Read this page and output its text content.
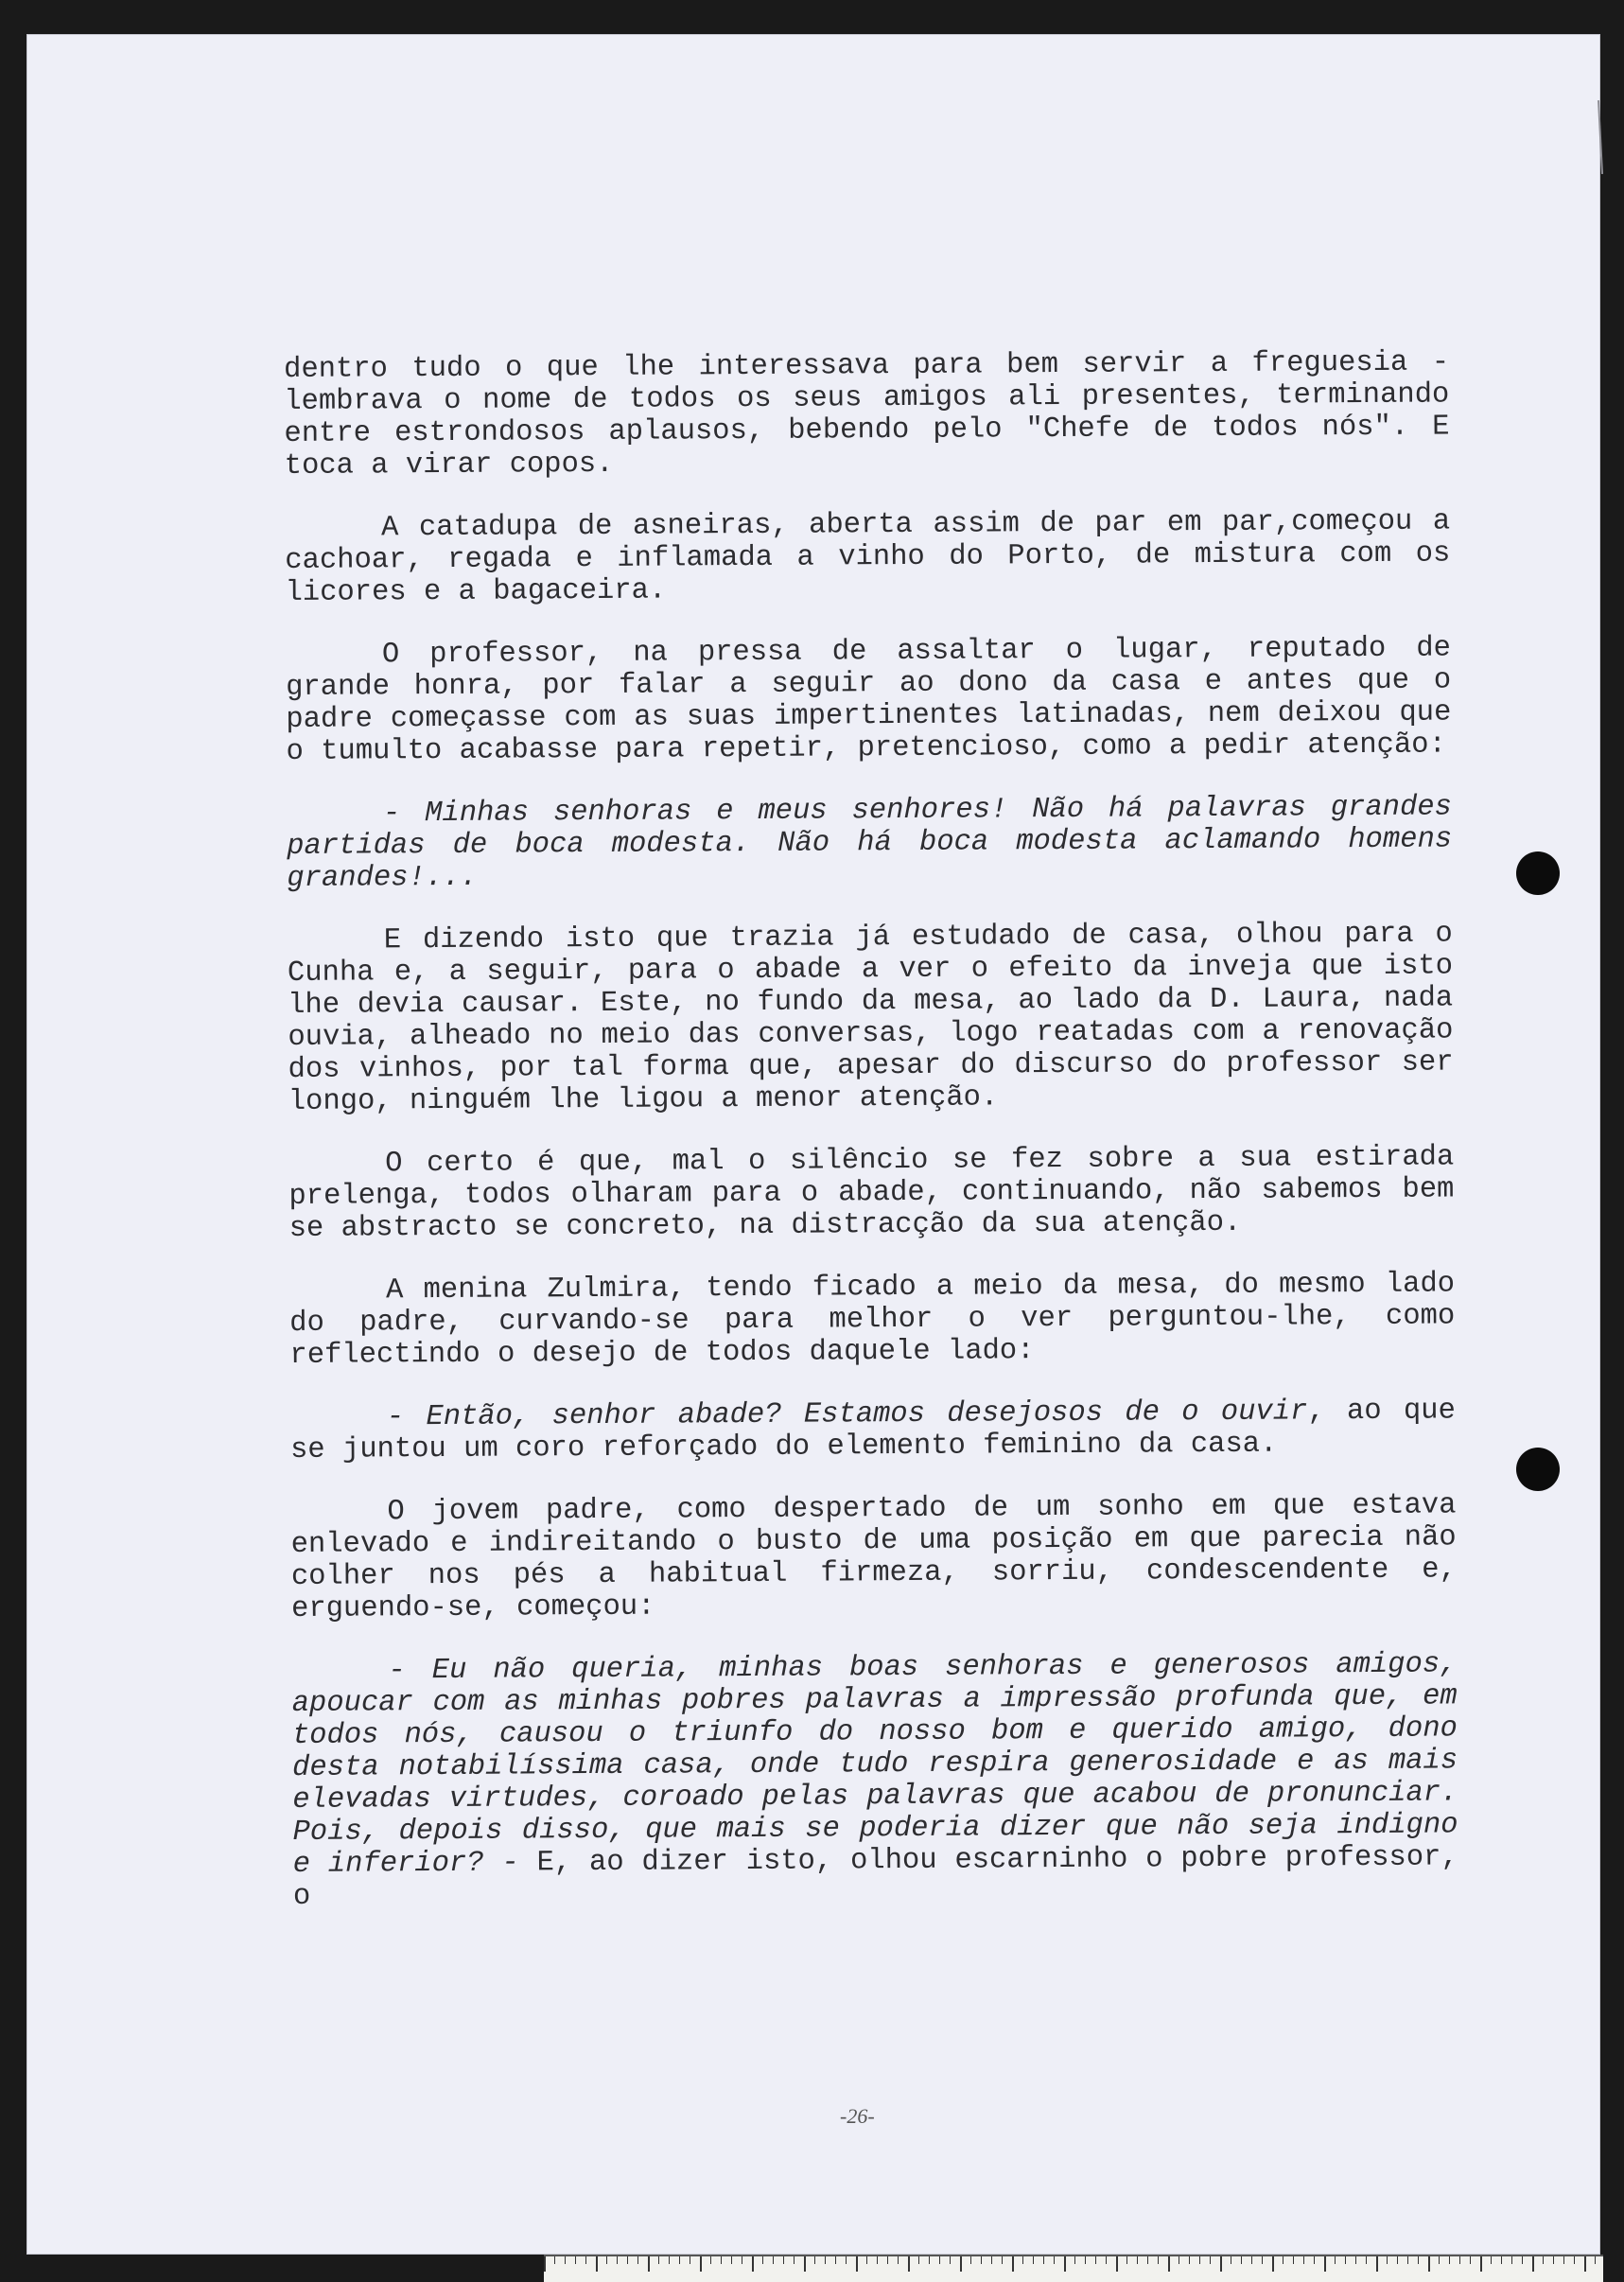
dentro tudo o que lhe interessava para bem servir a freguesia - lembrava o nome de todos os seus amigos ali presentes, terminando entre estrondosos aplausos, bebendo pelo "Chefe de todos nós". E toca a virar copos.

A catadupa de asneiras, aberta assim de par em par,começou a cachoar, regada e inflamada a vinho do Porto, de mistura com os licores e a bagaceira.

O professor, na pressa de assaltar o lugar, reputado de grande honra, por falar a seguir ao dono da casa e antes que o padre começasse com as suas impertinentes latinadas, nem deixou que o tumulto acabasse para repetir, pretencioso, como a pedir atenção:

- Minhas senhoras e meus senhores! Não há palavras grandes partidas de boca modesta. Não há boca modesta aclamando homens grandes!...

E dizendo isto que trazia já estudado de casa, olhou para o Cunha e, a seguir, para o abade a ver o efeito da inveja que isto lhe devia causar. Este, no fundo da mesa, ao lado da D. Laura, nada ouvia, alheado no meio das conversas, logo reatadas com a renovação dos vinhos, por tal forma que, apesar do discurso do professor ser longo, ninguém lhe ligou a menor atenção.

O certo é que, mal o silêncio se fez sobre a sua estirada prelenga, todos olharam para o abade, continuando, não sabemos bem se abstracto se concreto, na distracção da sua atenção.

A menina Zulmira, tendo ficado a meio da mesa, do mesmo lado do padre, curvando-se para melhor o ver perguntou-lhe, como reflectindo o desejo de todos daquele lado:

- Então, senhor abade? Estamos desejosos de o ouvir, ao que se juntou um coro reforçado do elemento feminino da casa.

O jovem padre, como despertado de um sonho em que estava enlevado e indireitando o busto de uma posição em que parecia não colher nos pés a habitual firmeza, sorriu, condescendente e, erguendo-se, começou:

- Eu não queria, minhas boas senhoras e generosos amigos, apoucar com as minhas pobres palavras a impressão profunda que, em todos nós, causou o triunfo do nosso bom e querido amigo, dono desta notabilíssima casa, onde tudo respira generosidade e as mais elevadas virtudes, coroado pelas palavras que acabou de pronunciar. Pois, depois disso, que mais se poderia dizer que não seja indigno e inferior? - E, ao dizer isto, olhou escarninho o pobre professor, o

-26-
